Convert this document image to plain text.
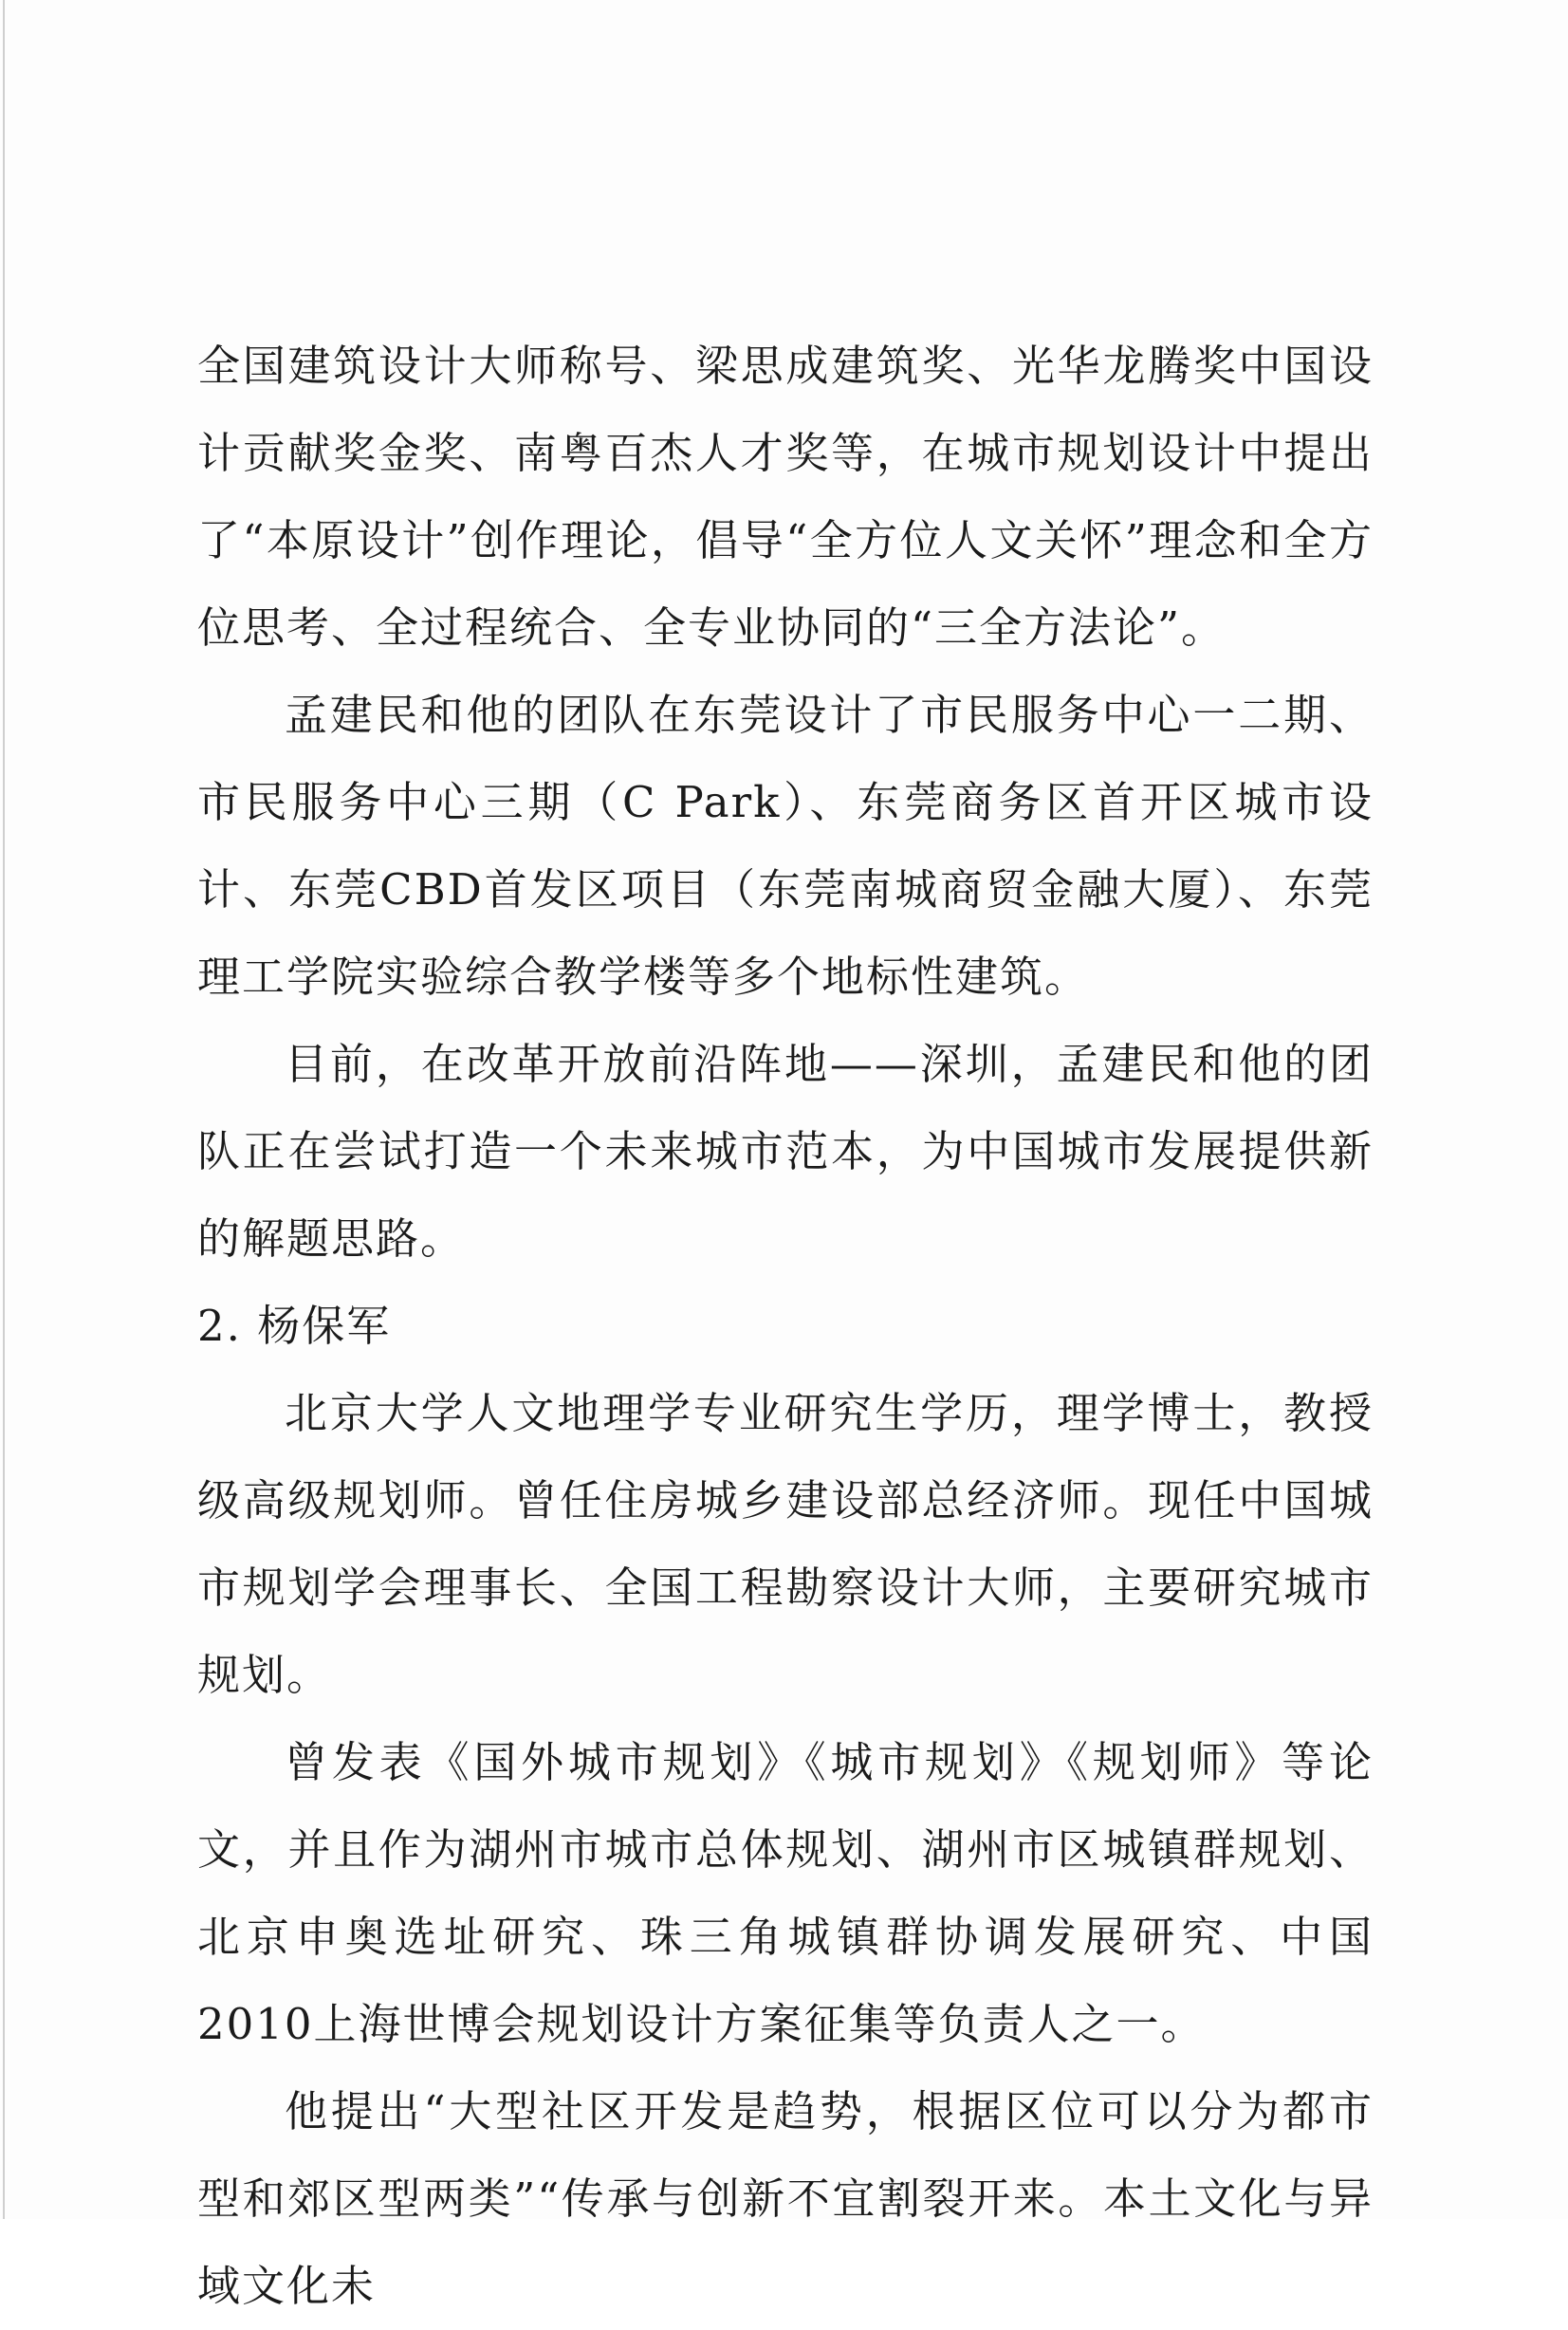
全国建筑设计大师称号、梁思成建筑奖、光华龙腾奖中国设计贡献奖金奖、南粤百杰人才奖等，在城市规划设计中提出了“本原设计”创作理论，倡导“全方位人文关怀”理念和全方位思考、全过程统合、全专业协同的“三全方法论”。

孟建民和他的团队在东莞设计了市民服务中心一二期、市民服务中心三期（C Park）、东莞商务区首开区城市设计、东莞CBD首发区项目（东莞南城商贸金融大厦）、东莞理工学院实验综合教学楼等多个地标性建筑。

目前，在改革开放前沿阵地——深圳，孟建民和他的团队正在尝试打造一个未来城市范本，为中国城市发展提供新的解题思路。

2. 杨保军

北京大学人文地理学专业研究生学历，理学博士，教授级高级规划师。曾任住房城乡建设部总经济师。现任中国城市规划学会理事长、全国工程勘察设计大师，主要研究城市规划。

曾发表《国外城市规划》《城市规划》《规划师》等论文，并且作为湖州市城市总体规划、湖州市区城镇群规划、北京申奥选址研究、珠三角城镇群协调发展研究、中国2010上海世博会规划设计方案征集等负责人之一。

他提出“大型社区开发是趋势，根据区位可以分为都市型和郊区型两类”“传承与创新不宜割裂开来。本土文化与异域文化未
